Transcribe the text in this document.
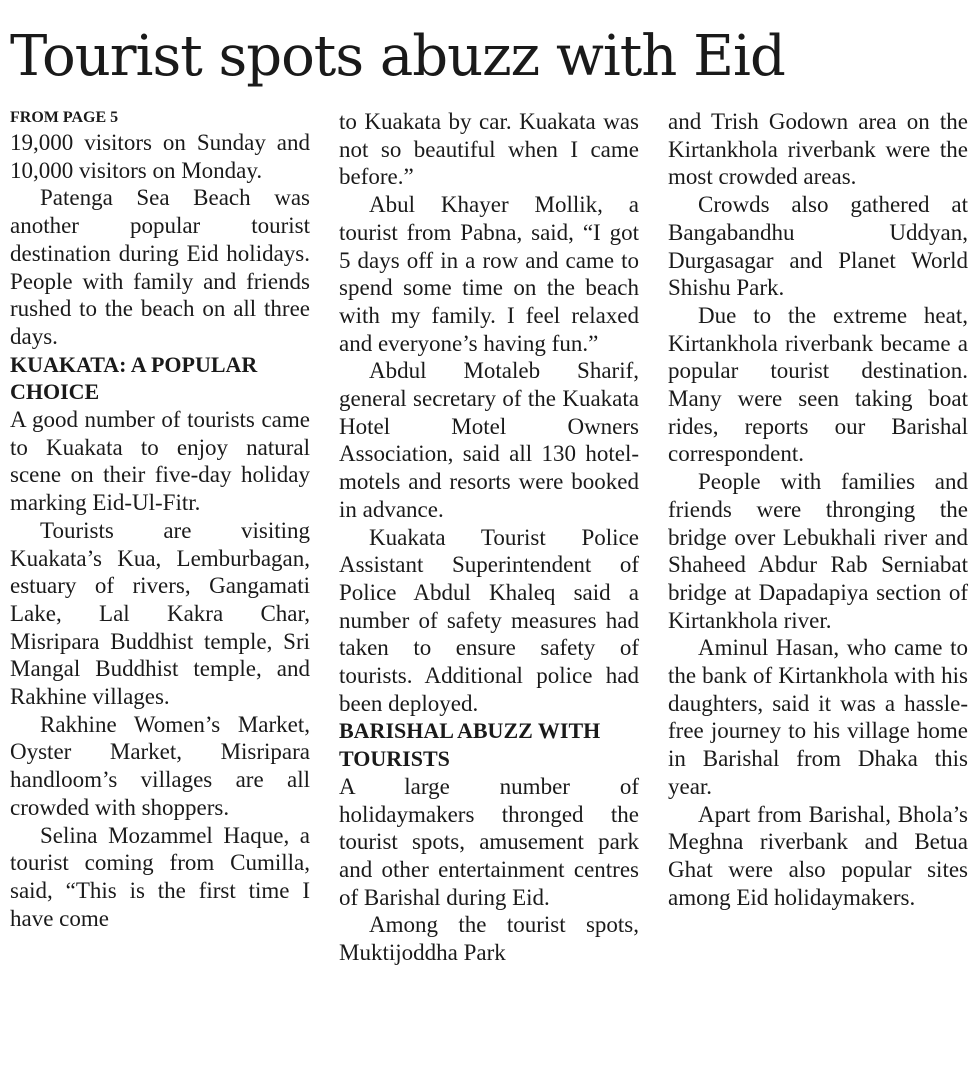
Tourist spots abuzz with Eid
FROM PAGE 5

19,000 visitors on Sunday and 10,000 visitors on Monday.

Patenga Sea Beach was another popular tourist destination during Eid holidays. People with family and friends rushed to the beach on all three days.

KUAKATA: A POPULAR CHOICE

A good number of tourists came to Kuakata to enjoy natural scene on their five-day holiday marking Eid-Ul-Fitr.

Tourists are visiting Kuakata’s Kua, Lemburbagan, estuary of rivers, Gangamati Lake, Lal Kakra Char, Misripara Buddhist temple, Sri Mangal Buddhist temple, and Rakhine villages.

Rakhine Women’s Market, Oyster Market, Misripara handloom’s villages are all crowded with shoppers.

Selina Mozammel Haque, a tourist coming from Cumilla, said, “This is the first time I have come

to Kuakata by car. Kuakata was not so beautiful when I came before.”

Abul Khayer Mollik, a tourist from Pabna, said, “I got 5 days off in a row and came to spend some time on the beach with my family. I feel relaxed and everyone’s having fun.”

Abdul Motaleb Sharif, general secretary of the Kuakata Hotel Motel Owners Association, said all 130 hotel-motels and resorts were booked in advance.

Kuakata Tourist Police Assistant Superintendent of Police Abdul Khaleq said a number of safety measures had taken to ensure safety of tourists. Additional police had been deployed.

BARISHAL ABUZZ WITH TOURISTS

A large number of holidaymakers thronged the tourist spots, amusement park and other entertainment centres of Barishal during Eid.

Among the tourist spots, Muktijoddha Park

and Trish Godown area on the Kirtankhola riverbank were the most crowded areas.

Crowds also gathered at Bangabandhu Uddyan, Durgasagar and Planet World Shishu Park.

Due to the extreme heat, Kirtankhola riverbank became a popular tourist destination. Many were seen taking boat rides, reports our Barishal correspondent.

People with families and friends were thronging the bridge over Lebukhali river and Shaheed Abdur Rab Serniabat bridge at Dapadapiya section of Kirtankhola river.

Aminul Hasan, who came to the bank of Kirtankhola with his daughters, said it was a hassle-free journey to his village home in Barishal from Dhaka this year.

Apart from Barishal, Bhola’s Meghna riverbank and Betua Ghat were also popular sites among Eid holidaymakers.
